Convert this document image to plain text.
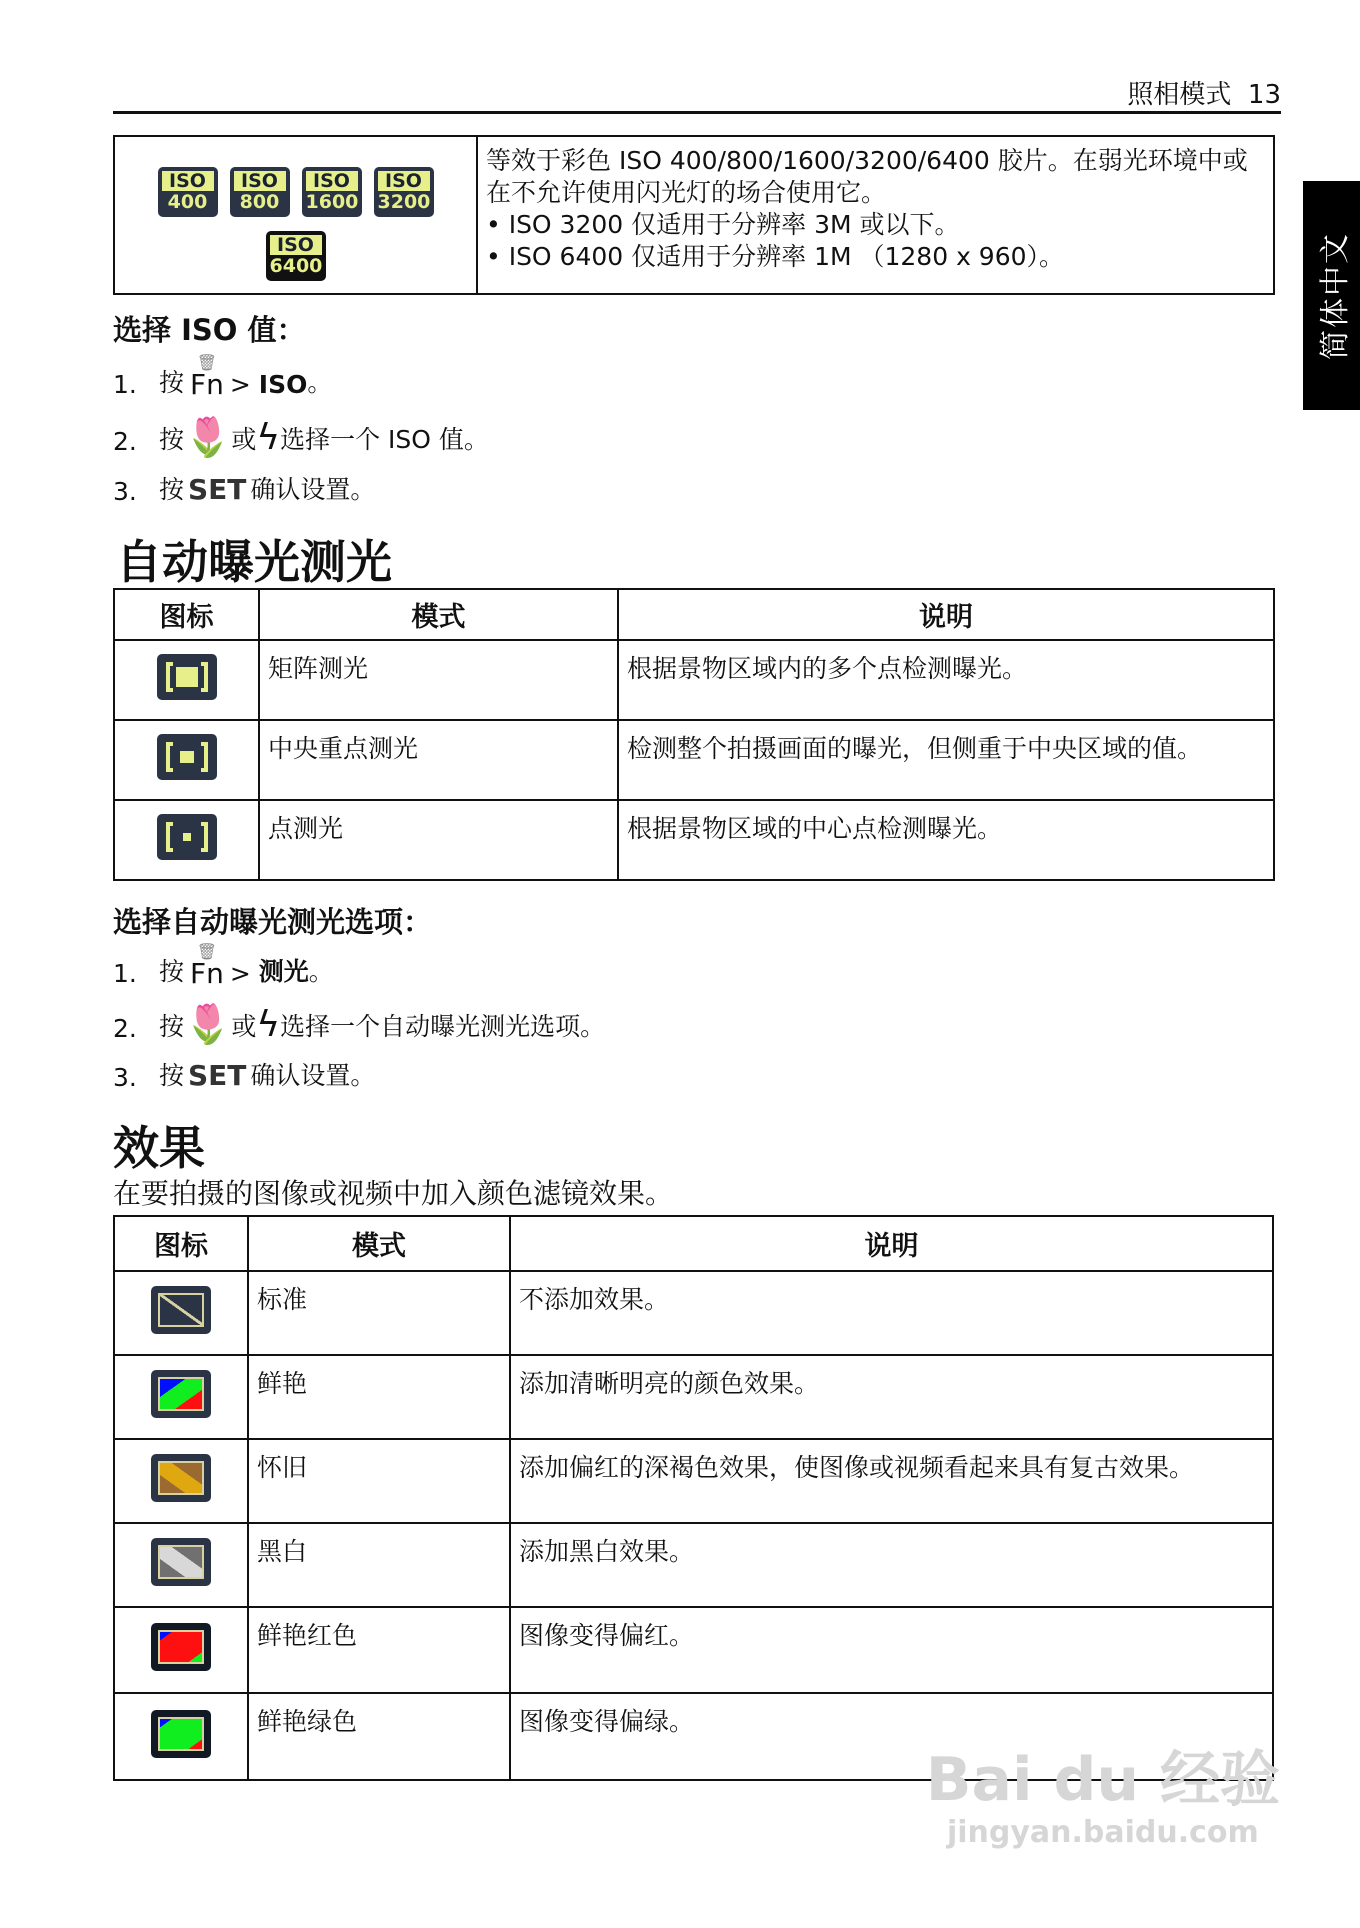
照相模式 13
简体中文
ISO
400
ISO
800
ISO
1600
ISO
3200
ISO
6400

等效于彩色 ISO 400/800/1600/3200/6400 胶片。在弱光环境中或在不允许使用闪光灯的场合使用它。
• ISO 3200 仅适用于分辨率 3M 或以下。
• ISO 6400 仅适用于分辨率 1M （1280 x 960）。
选择 ISO 值：
1. 按
🗑
Fn >
ISO 。
2. 按 🌷 或 ϟ 选择一个 ISO 值。
3. 按 SET 确认设置。
自动曝光测光
图标	模式	说明
	矩阵测光	根据景物区域内的多个点检测曝光。
	中央重点测光	检测整个拍摄画面的曝光，但侧重于中央区域的值。
	点测光	根据景物区域的中心点检测曝光。
选择自动曝光测光选项：
1. 按
🗑
Fn >
测光 。
2. 按 🌷 或 ϟ 选择一个自动曝光测光选项。
3. 按 SET 确认设置。
效果
在要拍摄的图像或视频中加入颜色滤镜效果。
图标	模式	说明

	标准	不添加效果。

	鲜艳	添加清晰明亮的颜色效果。

	怀旧	添加偏红的深褐色效果，使图像或视频看起来具有复古效果。

	黑白	添加黑白效果。

	鲜艳红色	图像变得偏红。

	鲜艳绿色	图像变得偏绿。
Bai du 经验
jingyan.baidu.com
